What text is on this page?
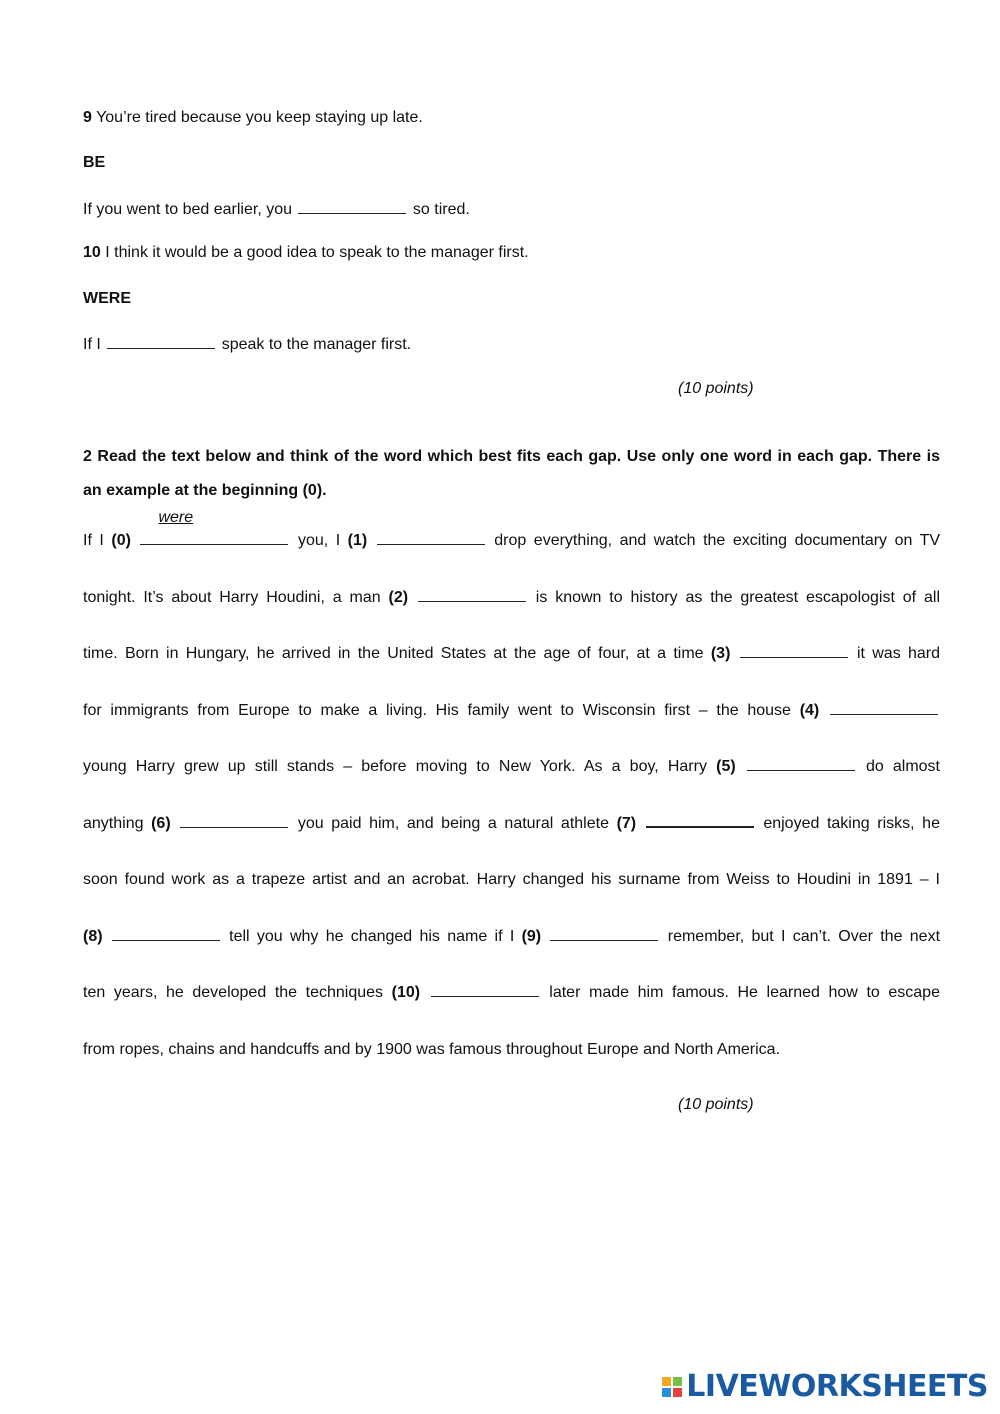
9 You’re tired because you keep staying up late.
BE
If you went to bed earlier, you	so tired.
10 I think it would be a good idea to speak to the manager first.
WERE
If I	speak to the manager first.
(10 points)
2 Read the text below and think of the word which best fits each gap. Use only one word in each gap. There is
an example at the beginning (0).
If I (0)
were
you, I (1)	drop everything, and watch the exciting documentary on TV
tonight. It’s about Harry Houdini, a man (2)	is known to history as the greatest escapologist of all
time. Born in Hungary, he arrived in the United States at the age of four, at a time (3)	it was hard
for immigrants from Europe to make a living. His family went to Wisconsin first – the house (4)
young Harry grew up still stands – before moving to New York. As a boy, Harry (5)	do almost
anything (6)	you paid him, and being a natural athlete (7)	enjoyed taking risks, he
soon found work as a trapeze artist and an acrobat. Harry changed his surname from Weiss to Houdini in 1891 – I
(8)	tell you why he changed his name if I (9)	remember, but I can’t. Over the next
ten years, he developed the techniques (10)	later made him famous. He learned how to escape
from ropes, chains and handcuffs and by 1900 was famous throughout Europe and North America.
(10 points)
LIVEWORKSHEETS
